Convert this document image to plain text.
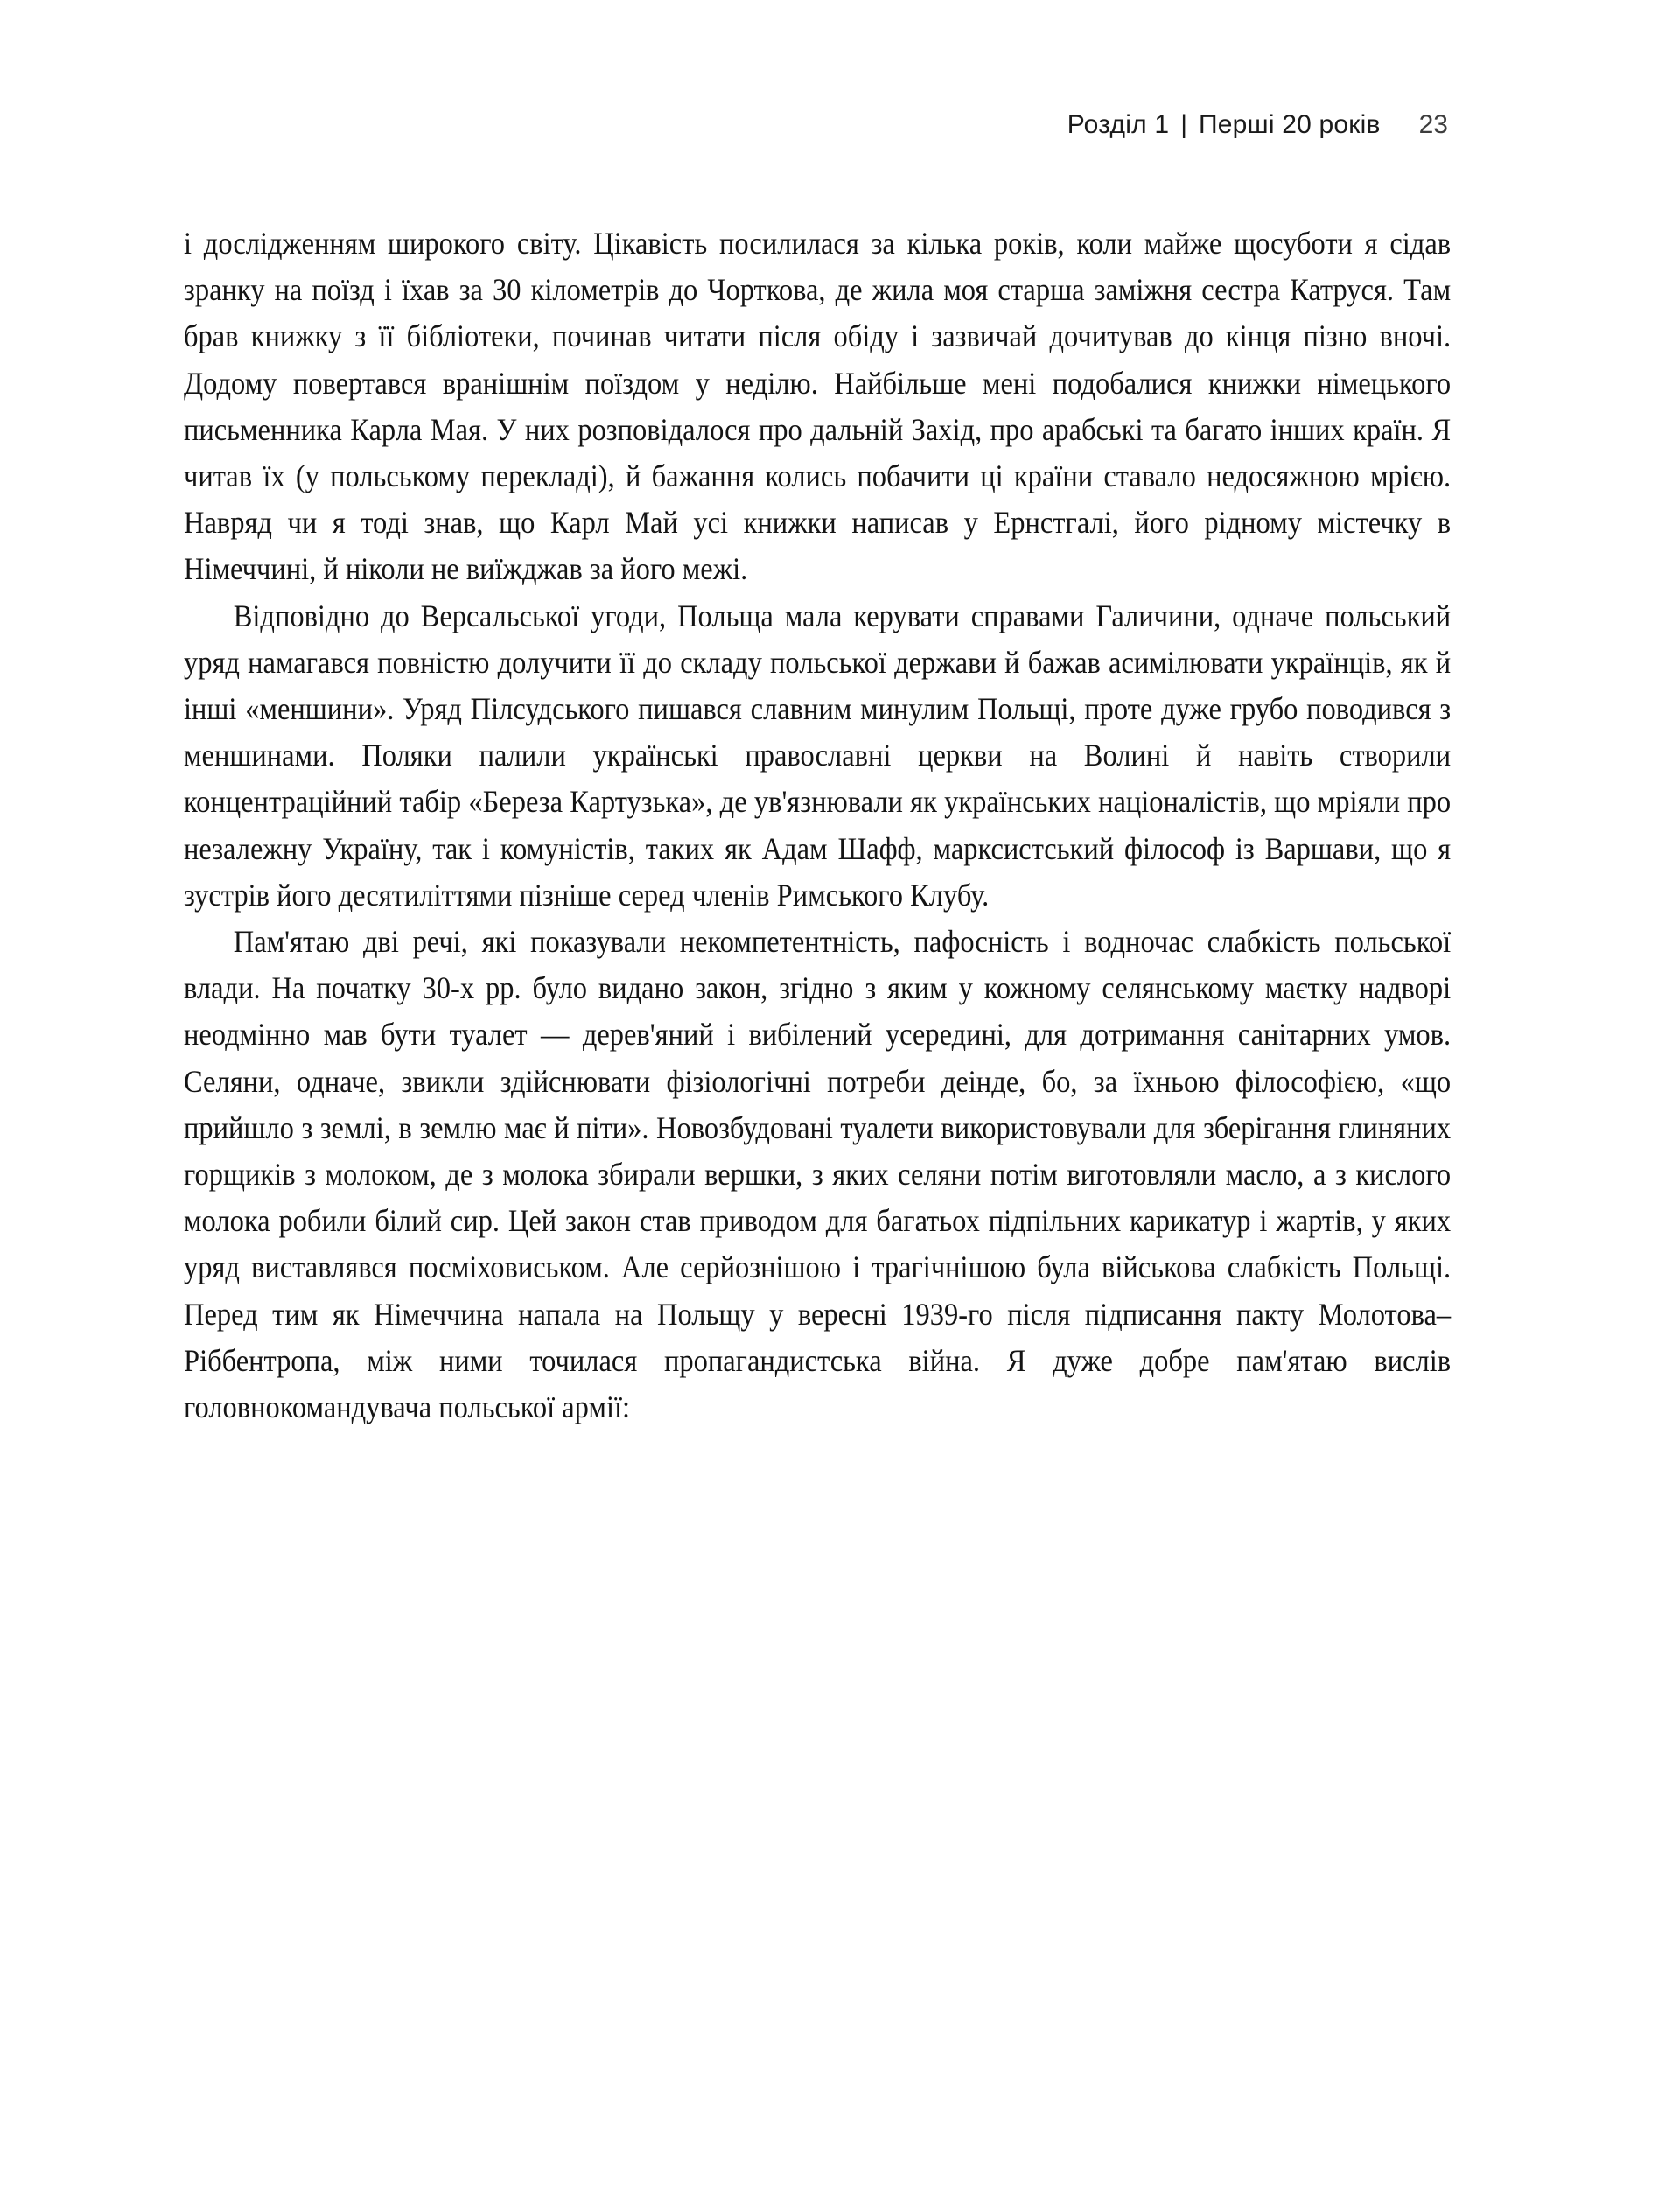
Розділ 1 | Перші 20 років 23

і дослідженням широкого світу. Цікавість посилилася за кілька років, коли майже щосуботи я сідав зранку на поїзд і їхав за 30 кілометрів до Чорткова, де жила моя старша заміжня сестра Катруся. Там брав книжку з її бібліотеки, починав читати після обіду і зазвичай дочитував до кінця пізно вночі. Додому повертався вранішнім поїздом у неділю. Найбільше мені подобалися книжки німецького письменника Карла Мая. У них розповідалося про дальній Захід, про арабські та багато інших країн. Я читав їх (у польському перекладі), й бажання колись побачити ці країни ставало недосяжною мрією. Навряд чи я тоді знав, що Карл Май усі книжки написав у Ернстгалі, його рідному містечку в Німеччині, й ніколи не виїжджав за його межі.

Відповідно до Версальської угоди, Польща мала керувати справами Галичини, одначе польський уряд намагався повністю долучити її до складу польської держави й бажав асимілювати українців, як й інші «меншини». Уряд Пілсудського пишався славним минулим Польщі, проте дуже грубо поводився з меншинами. Поляки палили українські православні церкви на Волині й навіть створили концентраційний табір «Береза Картузька», де ув'язнювали як українських націоналістів, що мріяли про незалежну Україну, так і комуністів, таких як Адам Шафф, марксистський філософ із Варшави, що я зустрів його десятиліттями пізніше серед членів Римського Клубу.

Пам'ятаю дві речі, які показували некомпетентність, пафосність і водночас слабкість польської влади. На початку 30-х рр. було видано закон, згідно з яким у кожному селянському маєтку надворі неодмінно мав бути туалет — дерев'яний і вибілений усередині, для дотримання санітарних умов. Селяни, одначе, звикли здійснювати фізіологічні потреби деінде, бо, за їхньою філософією, «що прийшло з землі, в землю має й піти». Новозбудовані туалети використовували для зберігання глиняних горщиків з молоком, де з молока збирали вершки, з яких селяни потім виготовляли масло, а з кислого молока робили білий сир. Цей закон став приводом для багатьох підпільних карикатур і жартів, у яких уряд виставлявся посміховиськом. Але серйознішою і трагічнішою була військова слабкість Польщі. Перед тим як Німеччина напала на Польщу у вересні 1939-го після підписання пакту Молотова–Ріббентропа, між ними точилася пропагандистська війна. Я дуже добре пам'ятаю вислів головнокомандувача польської армії:
